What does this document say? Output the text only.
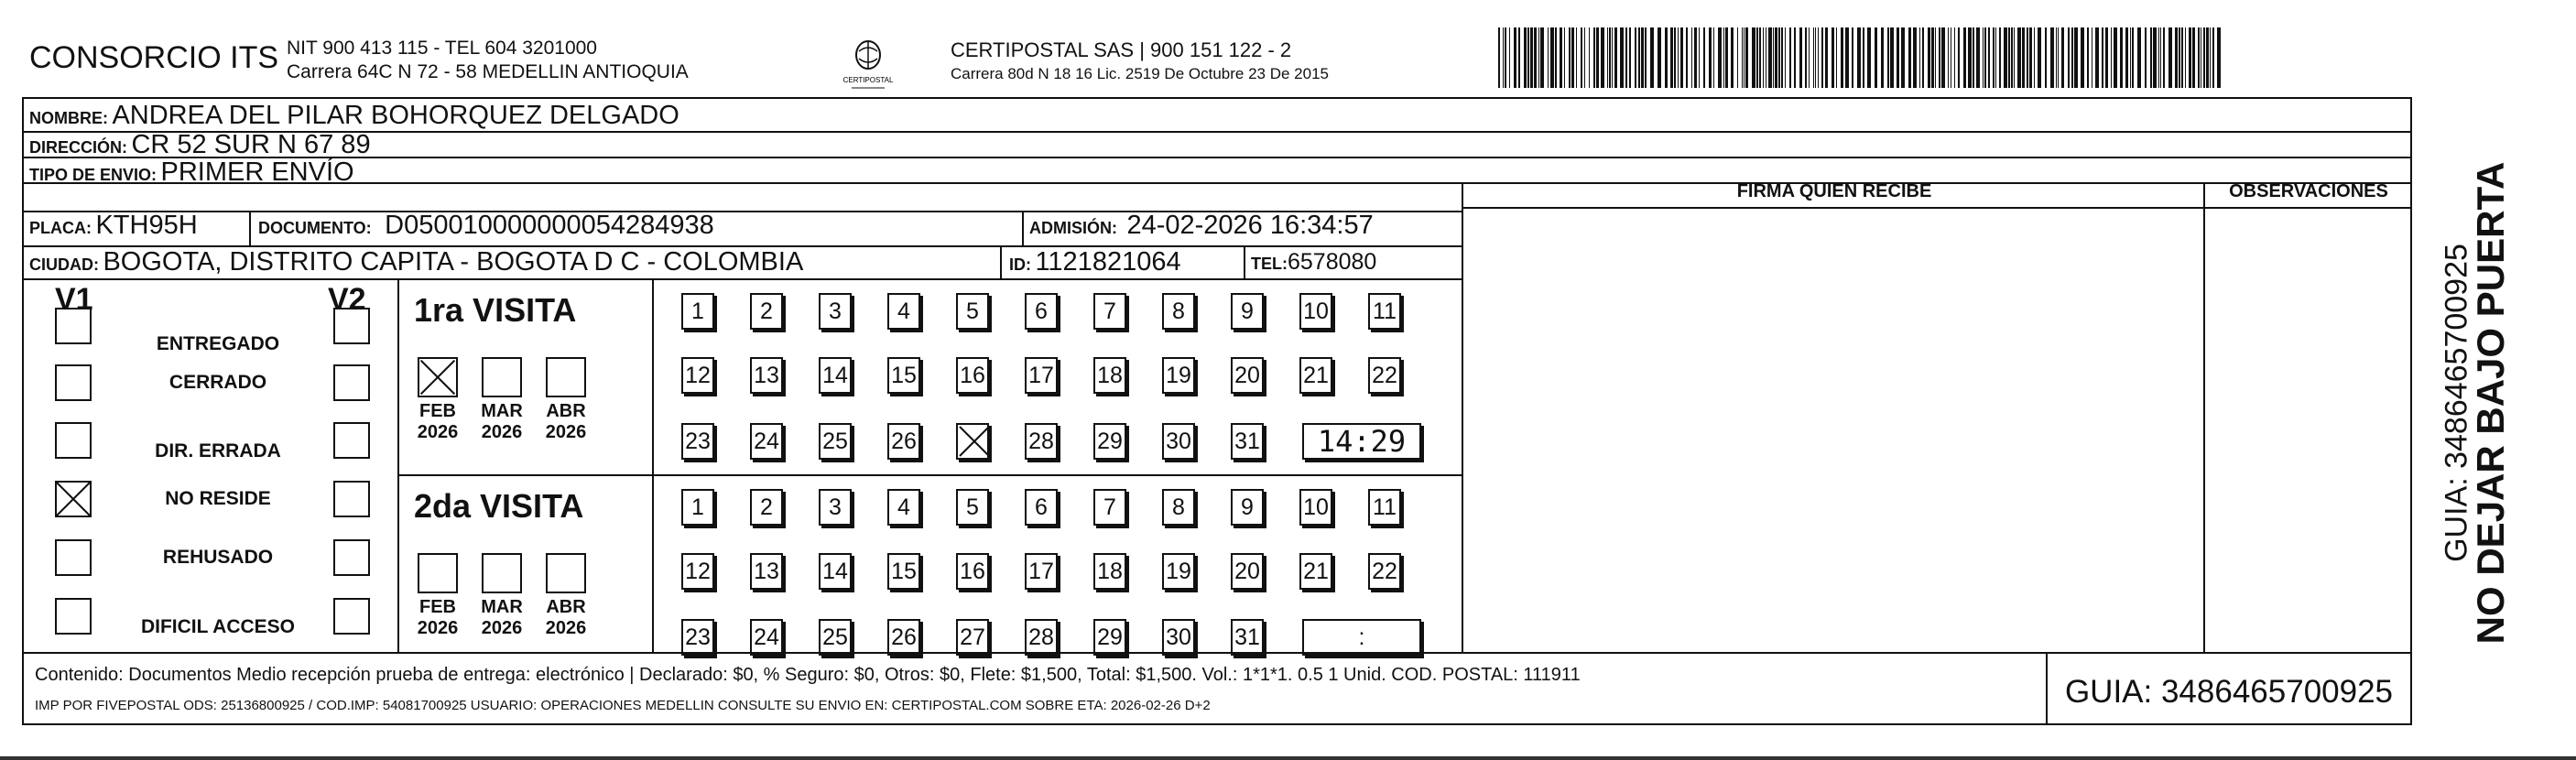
CONSORCIO ITS NIT 900 413 115 - TEL 604 3201000
Carrera 64C N 72 - 58 MEDELLIN ANTIOQUIA	CERTIPOSTAL
CERTIPOSTAL SAS | 900 151 122 - 2
Carrera 80d N 18 16 Lic. 2519 De Octubre 23 De 2015
NOMBRE: ANDREA DEL PILAR BOHORQUEZ DELGADO
DIRECCIÓN: CR 52 SUR N 67 89
TIPO DE ENVIO: PRIMER ENVÍO
FIRMA QUIEN RECIBE	OBSERVACIONES
PLACA: KTH95H	DOCUMENTO: D050010000000054284938	ADMISIÓN: 24-02-2026 16:34:57
CIUDAD: BOGOTA, DISTRITO CAPITA - BOGOTA D C - COLOMBIA	ID: 1121821064	TEL:6578080
V1	V2
ENTREGADO
CERRADO
DIR. ERRADA
NO RESIDE
REHUSADO
DIFICIL ACCESO
1ra VISITA
FEB
2026
MAR
2026
ABR
2026
1	2	3	4	5	6	7	8	9	10 11
12 13 14 15 16 17 18 19 20 21 22
23 24 25 26	28 29 30 31	14:29
2da VISITA
FEB
2026
MAR
2026
ABR
2026
1	2	3	4	5	6	7	8	9	10 11
12 13 14 15 16 17 18 19 20 21 22
23 24 25 26 27 28 29 30 31	:
Contenido: Documentos Medio recepción prueba de entrega: electrónico | Declarado: $0, % Seguro: $0, Otros: $0, Flete: $1,500, Total: $1,500. Vol.: 1*1*1. 0.5 1 Unid. COD. POSTAL: 111911
IMP POR FIVEPOSTAL ODS: 25136800925 / COD.IMP: 54081700925 USUARIO: OPERACIONES MEDELLIN CONSULTE SU ENVIO EN: CERTIPOSTAL.COM SOBRE ETA: 2026-02-26 D+2	GUIA: 3486465700925
NO DEJAR BAJO PUERTA
GUIA: 3486465700925
